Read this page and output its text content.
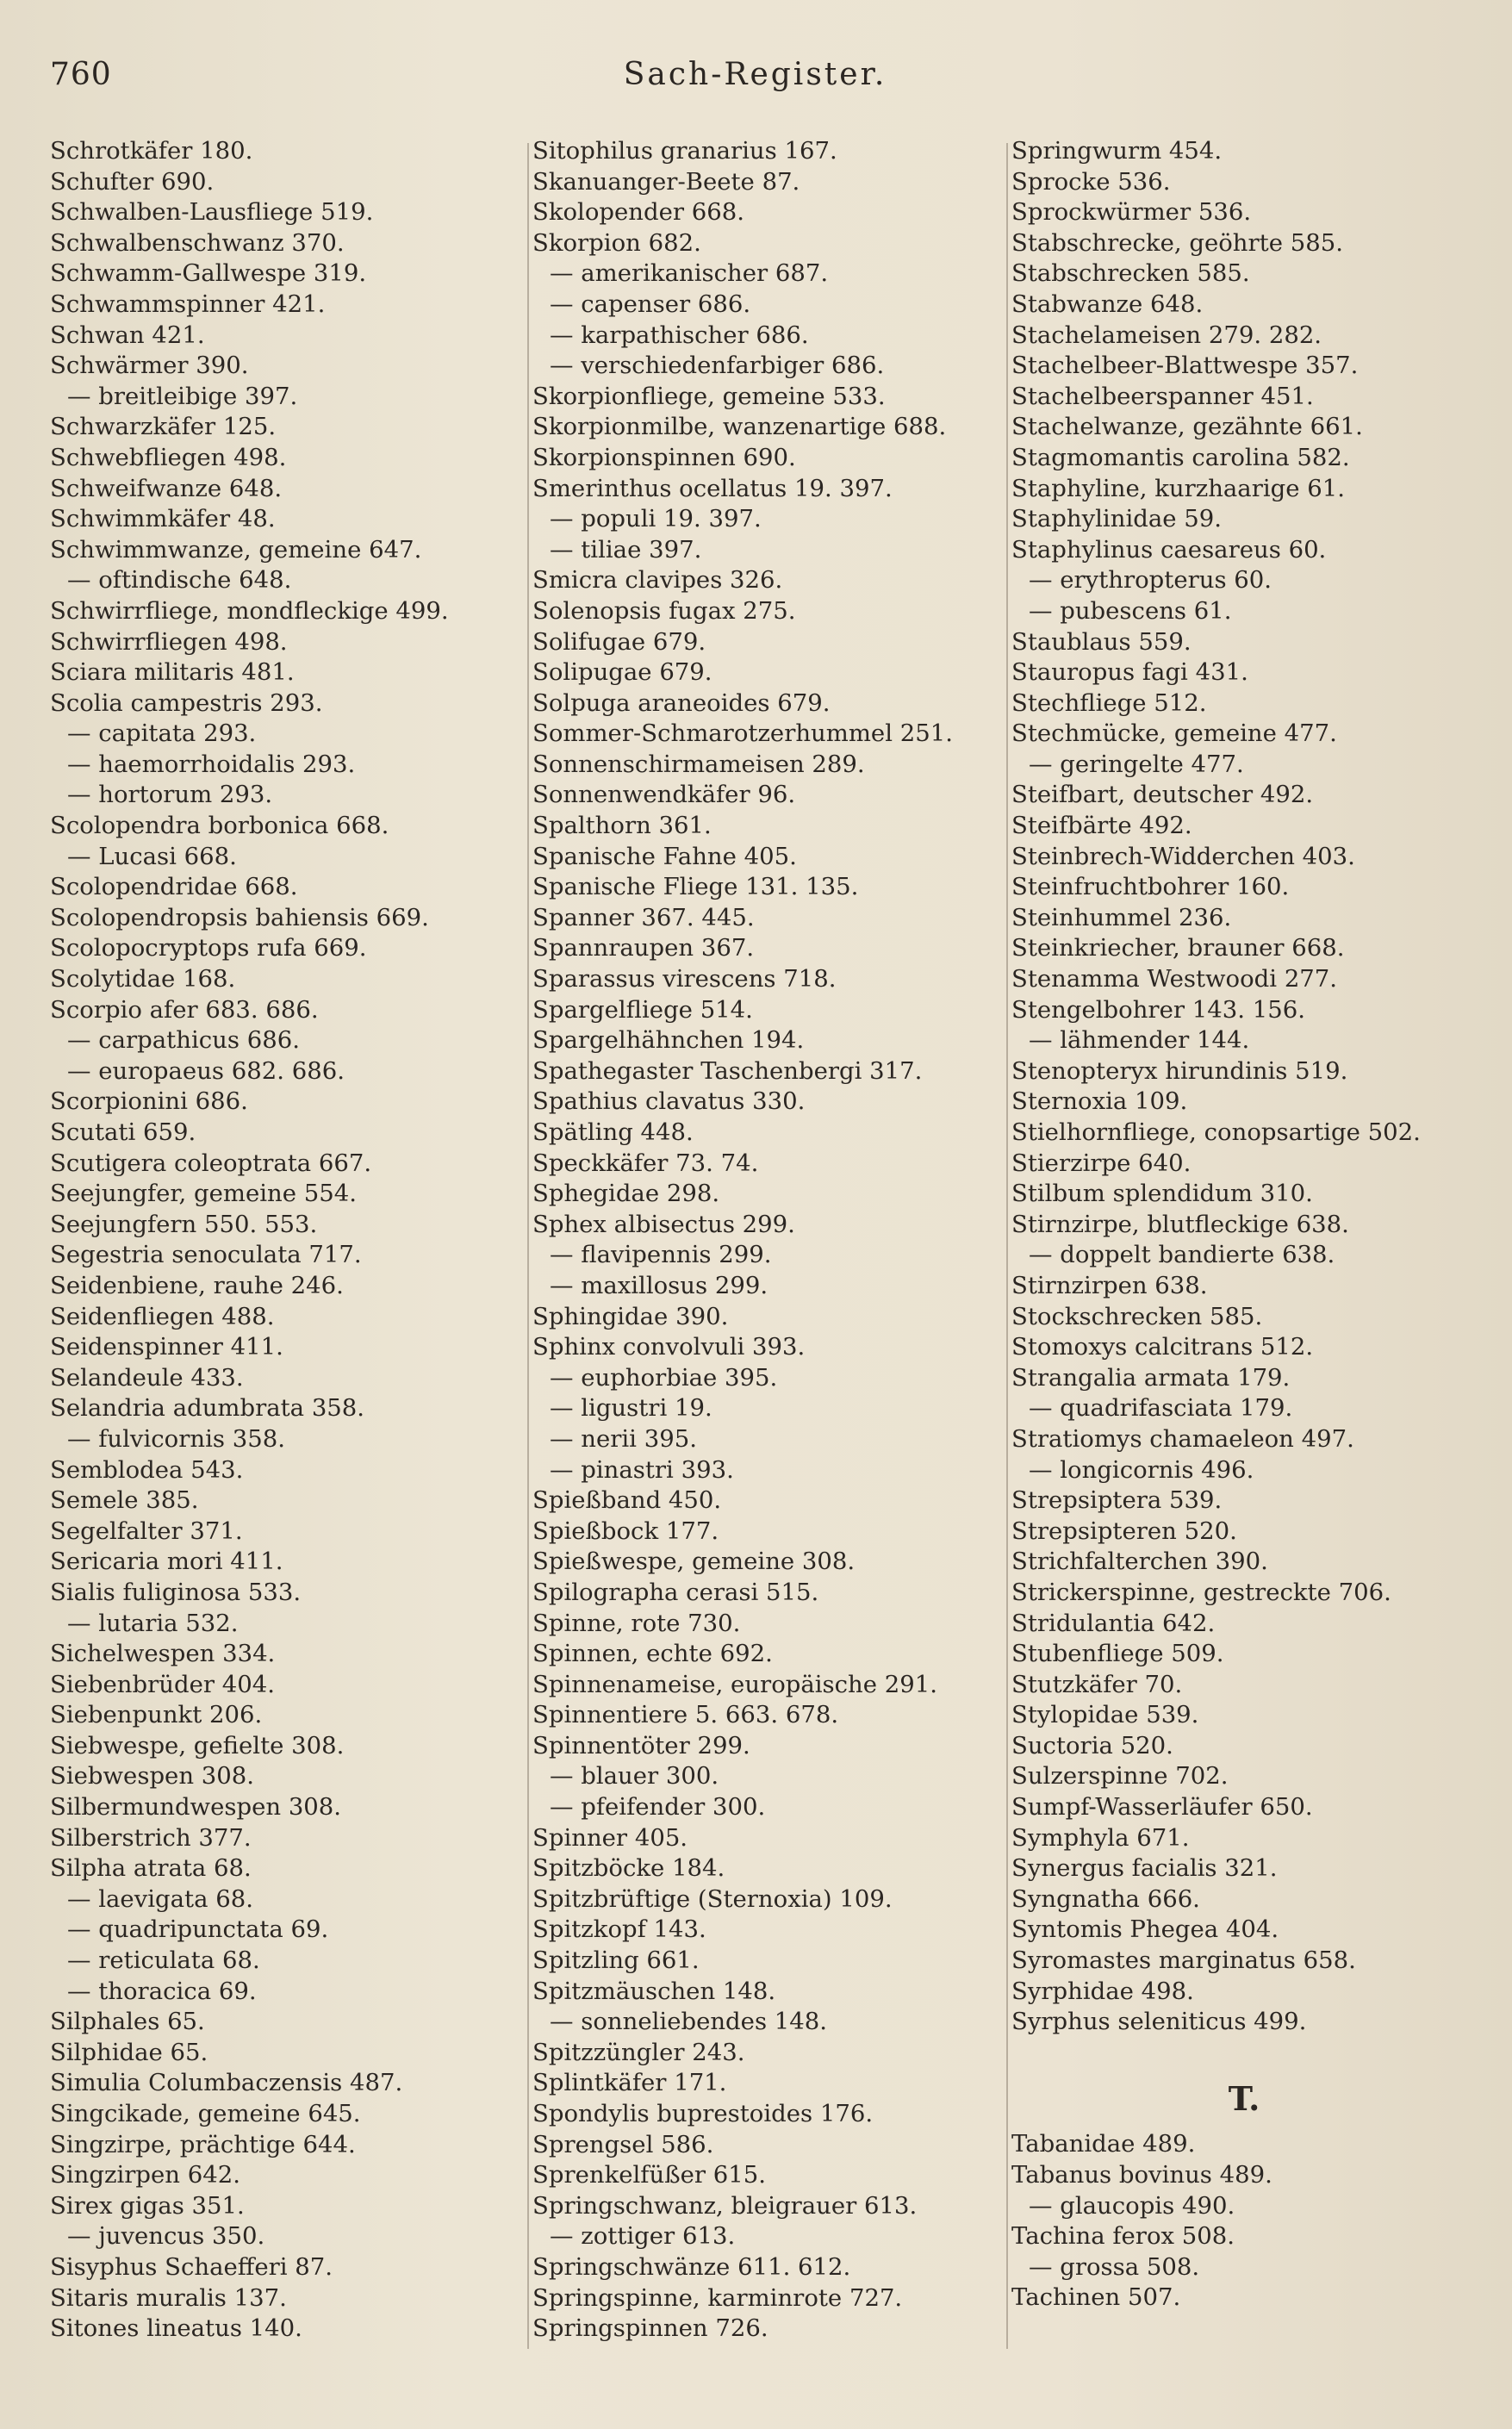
760	Sach-Register.
Schrotkäfer 180.
Schufter 690.
Schwalben-Lausfliege 519.
Schwalbenschwanz 370.
Schwamm-Gallwespe 319.
Schwammspinner 421.
Schwan 421.
Schwärmer 390.
— breitleibige 397.
Schwarzkäfer 125.
Schwebfliegen 498.
Schweifwanze 648.
Schwimmkäfer 48.
Schwimmwanze, gemeine 647.
— oftindische 648.
Schwirrfliege, mondfleckige 499.
Schwirrfliegen 498.
Sciara militaris 481.
Scolia campestris 293.
— capitata 293.
— haemorrhoidalis 293.
— hortorum 293.
Scolopendra borbonica 668.
— Lucasi 668.
Scolopendridae 668.
Scolopendropsis bahiensis 669.
Scolopocryptops rufa 669.
Scolytidae 168.
Scorpio afer 683. 686.
— carpathicus 686.
— europaeus 682. 686.
Scorpionini 686.
Scutati 659.
Scutigera coleoptrata 667.
Seejungfer, gemeine 554.
Seejungfern 550. 553.
Segestria senoculata 717.
Seidenbiene, rauhe 246.
Seidenfliegen 488.
Seidenspinner 411.
Selandeule 433.
Selandria adumbrata 358.
— fulvicornis 358.
Semblodea 543.
Semele 385.
Segelfalter 371.
Sericaria mori 411.
Sialis fuliginosa 533.
— lutaria 532.
Sichelwespen 334.
Siebenbrüder 404.
Siebenpunkt 206.
Siebwespe, gefielte 308.
Siebwespen 308.
Silbermundwespen 308.
Silberstrich 377.
Silpha atrata 68.
— laevigata 68.
— quadripunctata 69.
— reticulata 68.
— thoracica 69.
Silphales 65.
Silphidae 65.
Simulia Columbaczensis 487.
Singcikade, gemeine 645.
Singzirpe, prächtige 644.
Singzirpen 642.
Sirex gigas 351.
— juvencus 350.
Sisyphus Schaefferi 87.
Sitaris muralis 137.
Sitones lineatus 140.
Sitophilus granarius 167.
Skanuanger-Beete 87.
Skolopender 668.
Skorpion 682.
— amerikanischer 687.
— capenser 686.
— karpathischer 686.
— verschiedenfarbiger 686.
Skorpionfliege, gemeine 533.
Skorpionmilbe, wanzenartige 688.
Skorpionspinnen 690.
Smerinthus ocellatus 19. 397.
— populi 19. 397.
— tiliae 397.
Smicra clavipes 326.
Solenopsis fugax 275.
Solifugae 679.
Solipugae 679.
Solpuga araneoides 679.
Sommer-Schmarotzerhummel 251.
Sonnenschirmameisen 289.
Sonnenwendkäfer 96.
Spalthorn 361.
Spanische Fahne 405.
Spanische Fliege 131. 135.
Spanner 367. 445.
Spannraupen 367.
Sparassus virescens 718.
Spargelfliege 514.
Spargelhähnchen 194.
Spathegaster Taschenbergi 317.
Spathius clavatus 330.
Spätling 448.
Speckkäfer 73. 74.
Sphegidae 298.
Sphex albisectus 299.
— flavipennis 299.
— maxillosus 299.
Sphingidae 390.
Sphinx convolvuli 393.
— euphorbiae 395.
— ligustri 19.
— nerii 395.
— pinastri 393.
Spießband 450.
Spießbock 177.
Spießwespe, gemeine 308.
Spilographa cerasi 515.
Spinne, rote 730.
Spinnen, echte 692.
Spinnenameise, europäische 291.
Spinnentiere 5. 663. 678.
Spinnentöter 299.
— blauer 300.
— pfeifender 300.
Spinner 405.
Spitzböcke 184.
Spitzbrüftige (Sternoxia) 109.
Spitzkopf 143.
Spitzling 661.
Spitzmäuschen 148.
— sonneliebendes 148.
Spitzzüngler 243.
Splintkäfer 171.
Spondylis buprestoides 176.
Sprengsel 586.
Sprenkelfüßer 615.
Springschwanz, bleigrauer 613.
— zottiger 613.
Springschwänze 611. 612.
Springspinne, karminrote 727.
Springspinnen 726.
Springwurm 454.
Sprocke 536.
Sprockwürmer 536.
Stabschrecke, geöhrte 585.
Stabschrecken 585.
Stabwanze 648.
Stachelameisen 279. 282.
Stachelbeer-Blattwespe 357.
Stachelbeerspanner 451.
Stachelwanze, gezähnte 661.
Stagmomantis carolina 582.
Staphyline, kurzhaarige 61.
Staphylinidae 59.
Staphylinus caesareus 60.
— erythropterus 60.
— pubescens 61.
Staublaus 559.
Stauropus fagi 431.
Stechfliege 512.
Stechmücke, gemeine 477.
— geringelte 477.
Steifbart, deutscher 492.
Steifbärte 492.
Steinbrech-Widderchen 403.
Steinfruchtbohrer 160.
Steinhummel 236.
Steinkriecher, brauner 668.
Stenamma Westwoodi 277.
Stengelbohrer 143. 156.
— lähmender 144.
Stenopteryx hirundinis 519.
Sternoxia 109.
Stielhornfliege, conopsartige 502.
Stierzirpe 640.
Stilbum splendidum 310.
Stirnzirpe, blutfleckige 638.
— doppelt bandierte 638.
Stirnzirpen 638.
Stockschrecken 585.
Stomoxys calcitrans 512.
Strangalia armata 179.
— quadrifasciata 179.
Stratiomys chamaeleon 497.
— longicornis 496.
Strepsiptera 539.
Strepsipteren 520.
Strichfalterchen 390.
Strickerspinne, gestreckte 706.
Stridulantia 642.
Stubenfliege 509.
Stutzkäfer 70.
Stylopidae 539.
Suctoria 520.
Sulzerspinne 702.
Sumpf-Wasserläufer 650.
Symphyla 671.
Synergus facialis 321.
Syngnatha 666.
Syntomis Phegea 404.
Syromastes marginatus 658.
Syrphidae 498.
Syrphus seleniticus 499.
T.
Tabanidae 489.
Tabanus bovinus 489.
— glaucopis 490.
Tachina ferox 508.
— grossa 508.
Tachinen 507.
